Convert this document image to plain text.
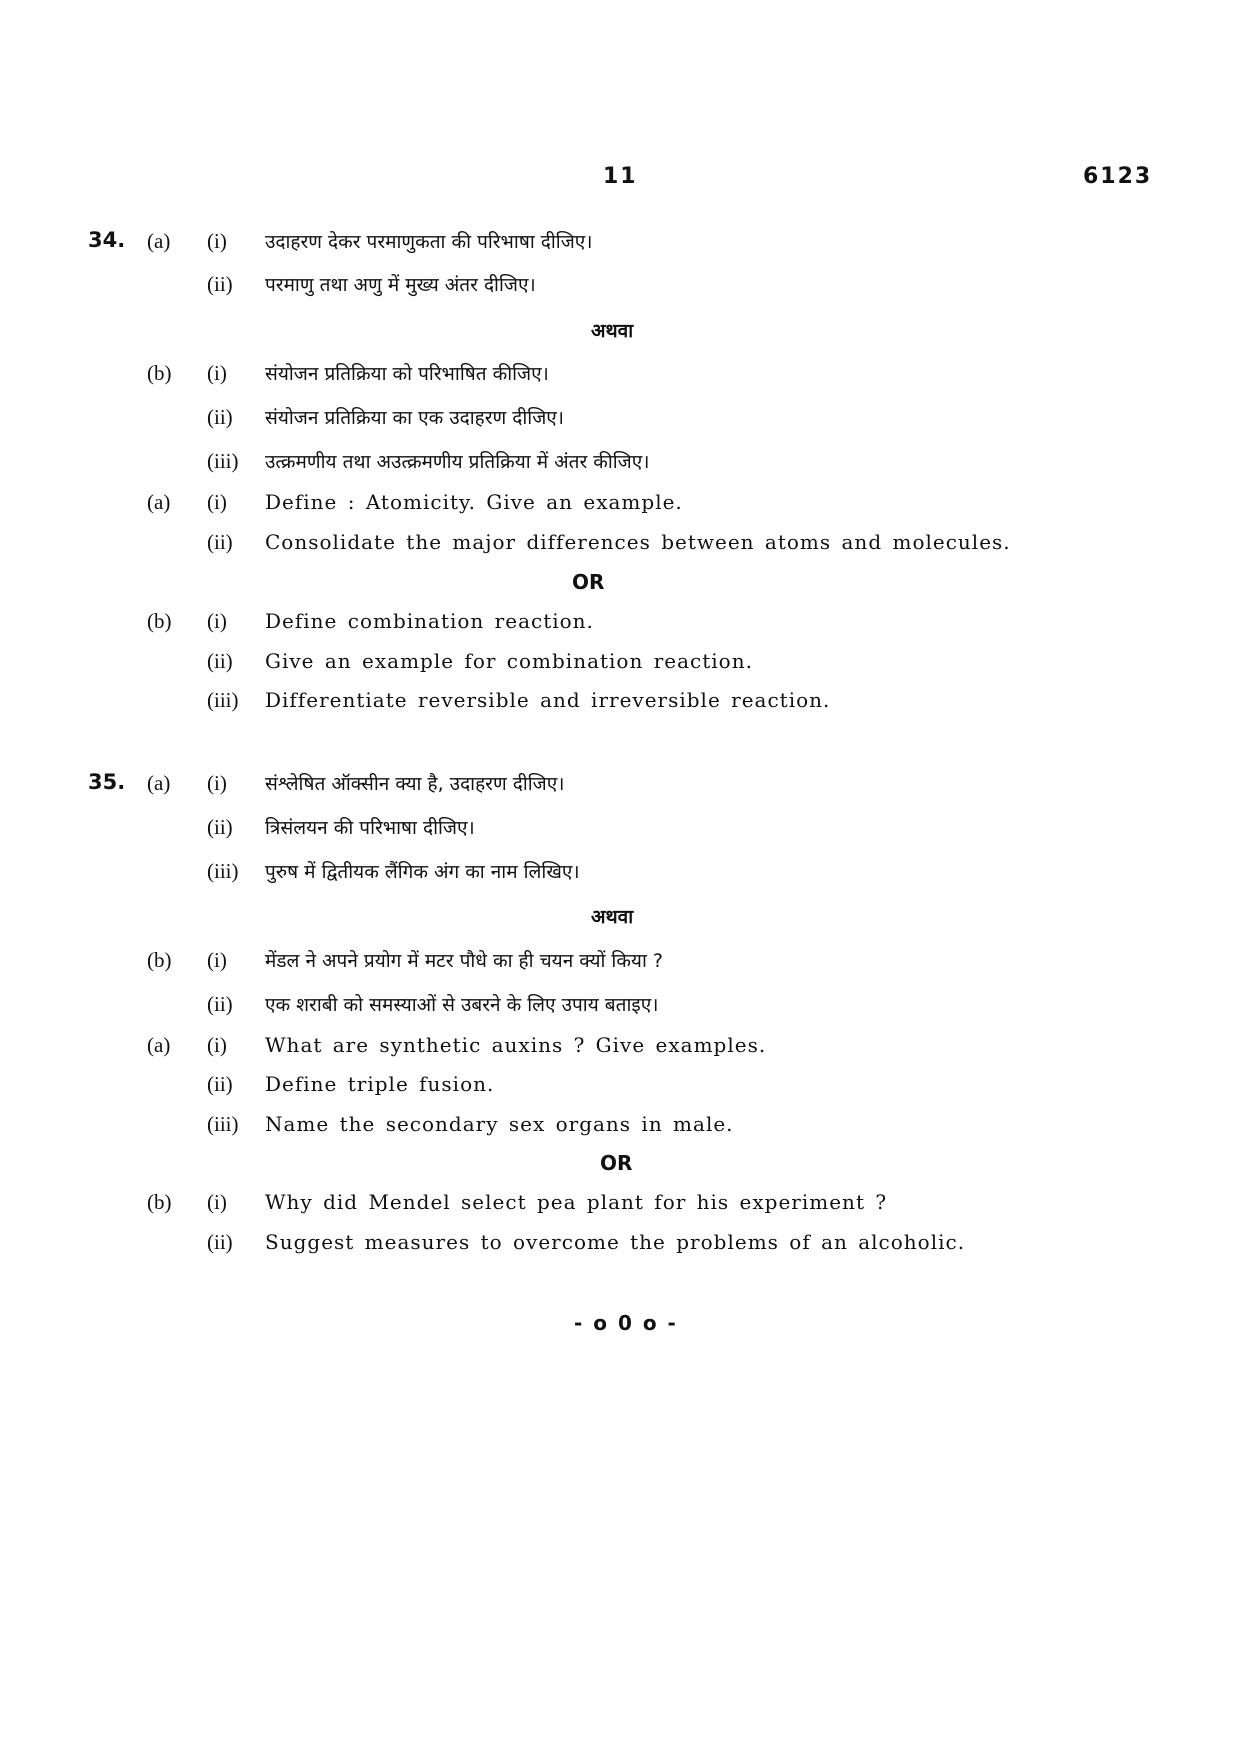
11	6123
34. (a) (i) उदाहरण देकर परमाणुकता की परिभाषा दीजिए।
(ii) परमाणु तथा अणु में मुख्य अंतर दीजिए।
अथवा
(b) (i) संयोजन प्रतिक्रिया को परिभाषित कीजिए।
(ii) संयोजन प्रतिक्रिया का एक उदाहरण दीजिए।
(iii) उत्क्रमणीय तथा अउत्क्रमणीय प्रतिक्रिया में अंतर कीजिए।
(a) (i) Define : Atomicity. Give an example.
(ii) Consolidate the major differences between atoms and molecules.
OR
(b) (i) Define combination reaction.
(ii) Give an example for combination reaction.
(iii) Differentiate reversible and irreversible reaction.
35. (a) (i) संश्लेषित ऑक्सीन क्या है, उदाहरण दीजिए।
(ii) त्रिसंलयन की परिभाषा दीजिए।
(iii) पुरुष में द्वितीयक लैंगिक अंग का नाम लिखिए।
अथवा
(b) (i) मेंडल ने अपने प्रयोग में मटर पौधे का ही चयन क्यों किया ?
(ii) एक शराबी को समस्याओं से उबरने के लिए उपाय बताइए।
(a) (i) What are synthetic auxins ? Give examples.
(ii) Define triple fusion.
(iii) Name the secondary sex organs in male.
OR
(b) (i) Why did Mendel select pea plant for his experiment ?
(ii) Suggest measures to overcome the problems of an alcoholic.
- o 0 o -
